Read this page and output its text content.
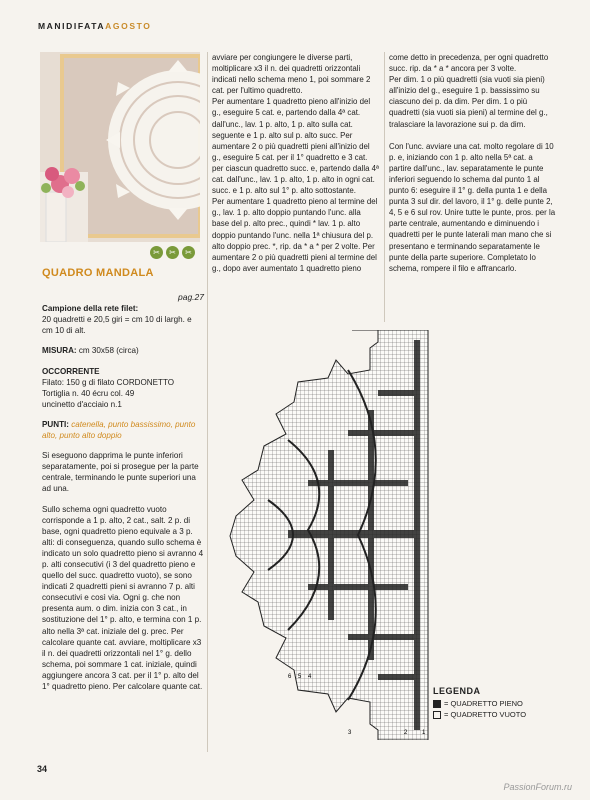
MANIDIFATAAGOSTO
✂	✂	✂
QUADRO MANDALA
pag.27

Campione della rete filet:

20 quadretti e 20,5 giri = cm 10 di largh. e cm 10 di alt.

MISURA: cm 30x58 (circa)
OCCORRENTE

Filato: 150 g di filato CORDONETTO Tortiglia n. 40 écru col. 49

uncinetto d'acciaio n.1

PUNTI: catenella, punto bassissimo, punto alto, punto alto doppio
Si eseguono dapprima le punte inferiori separatamente, poi si prosegue per la parte centrale, terminando le punte superiori una ad una.
Sullo schema ogni quadretto vuoto corrisponde a 1 p. alto, 2 cat., salt. 2 p. di base, ogni quadretto pieno equivale a 3 p. alti: di conseguenza, quando sullo schema è indicato un solo quadretto pieno si avranno 4 p. alti consecutivi (i 3 del quadretto pieno e quello del succ. quadretto vuoto), se sono indicati 2 quadretti pieni si avranno 7 p. alti consecutivi e così via. Ogni g. che non presenta aum. o dim. inizia con 3 cat., in sostituzione del 1° p. alto, e termina con 1 p. alto nella 3ª cat. iniziale del g. prec. Per calcolare quante cat. avviare, moltiplicare x3 il n. dei quadretti orizzontali nel 1° g. dello schema, poi sommare 1 cat. iniziale, quindi aggiungere ancora 3 cat. per il 1° p. alto del 1° quadretto pieno. Per calcolare quante cat.

avviare per congiungere le diverse parti, moltiplicare x3 il n. dei quadretti orizzontali indicati nello schema meno 1, poi sommare 2 cat. per l'ultimo quadretto.

Per aumentare 1 quadretto pieno all'inizio del g., eseguire 5 cat. e, partendo dalla 4ª cat. dall'unc., lav. 1 p. alto, 1 p. alto sulla cat. seguente e 1 p. alto sul p. alto succ. Per aumentare 2 o più quadretti pieni all'inizio del g., eseguire 5 cat. per il 1° quadretto e 3 cat. per ciascun quadretto succ. e, partendo dalla 4ª cat. dall'unc., lav. 1 p. alto, 1 p. alto in ogni cat. succ. e 1 p. alto sul 1° p. alto sottostante.

Per aumentare 1 quadretto pieno al termine del g., lav. 1 p. alto doppio puntando l'unc. alla base del p. alto prec., quindi * lav. 1 p. alto doppio puntando l'unc. nella 1ª chiusura del p. alto doppio prec. *, rip. da * a * per 2 volte. Per aumentare 2 o più quadretti pieni al termine del g., dopo aver aumentato 1 quadretto pieno

come detto in precedenza, per ogni quadretto succ. rip. da * a * ancora per 3 volte.

Per dim. 1 o più quadretti (sia vuoti sia pieni) all'inizio del g., eseguire 1 p. bassissimo su ciascuno dei p. da dim. Per dim. 1 o più quadretti (sia vuoti sia pieni) al termine del g., tralasciare la lavorazione sui p. da dim.

Con l'unc. avviare una cat. molto regolare di 10 p. e, iniziando con 1 p. alto nella 5ª cat. a partire dall'unc., lav. separatamente le punte inferiori seguendo lo schema dal punto 1 al punto 6: eseguire il 1° g. della punta 1 e della punta 3 sul dir. del lavoro, il 1° g. delle punte 2, 4, 5 e 6 sul rov. Unire tutte le punte, pros. per la parte centrale, aumentando e diminuendo i quadretti per le punte laterali man mano che si presentano e terminando separatamente le punte della parte superiore. Completato lo schema, rompere il filo e affrancarlo.

6 5 4
3	2 1
LEGENDA
= QUADRETTO PIENO
= QUADRETTO VUOTO
34
PassionForum.ru
